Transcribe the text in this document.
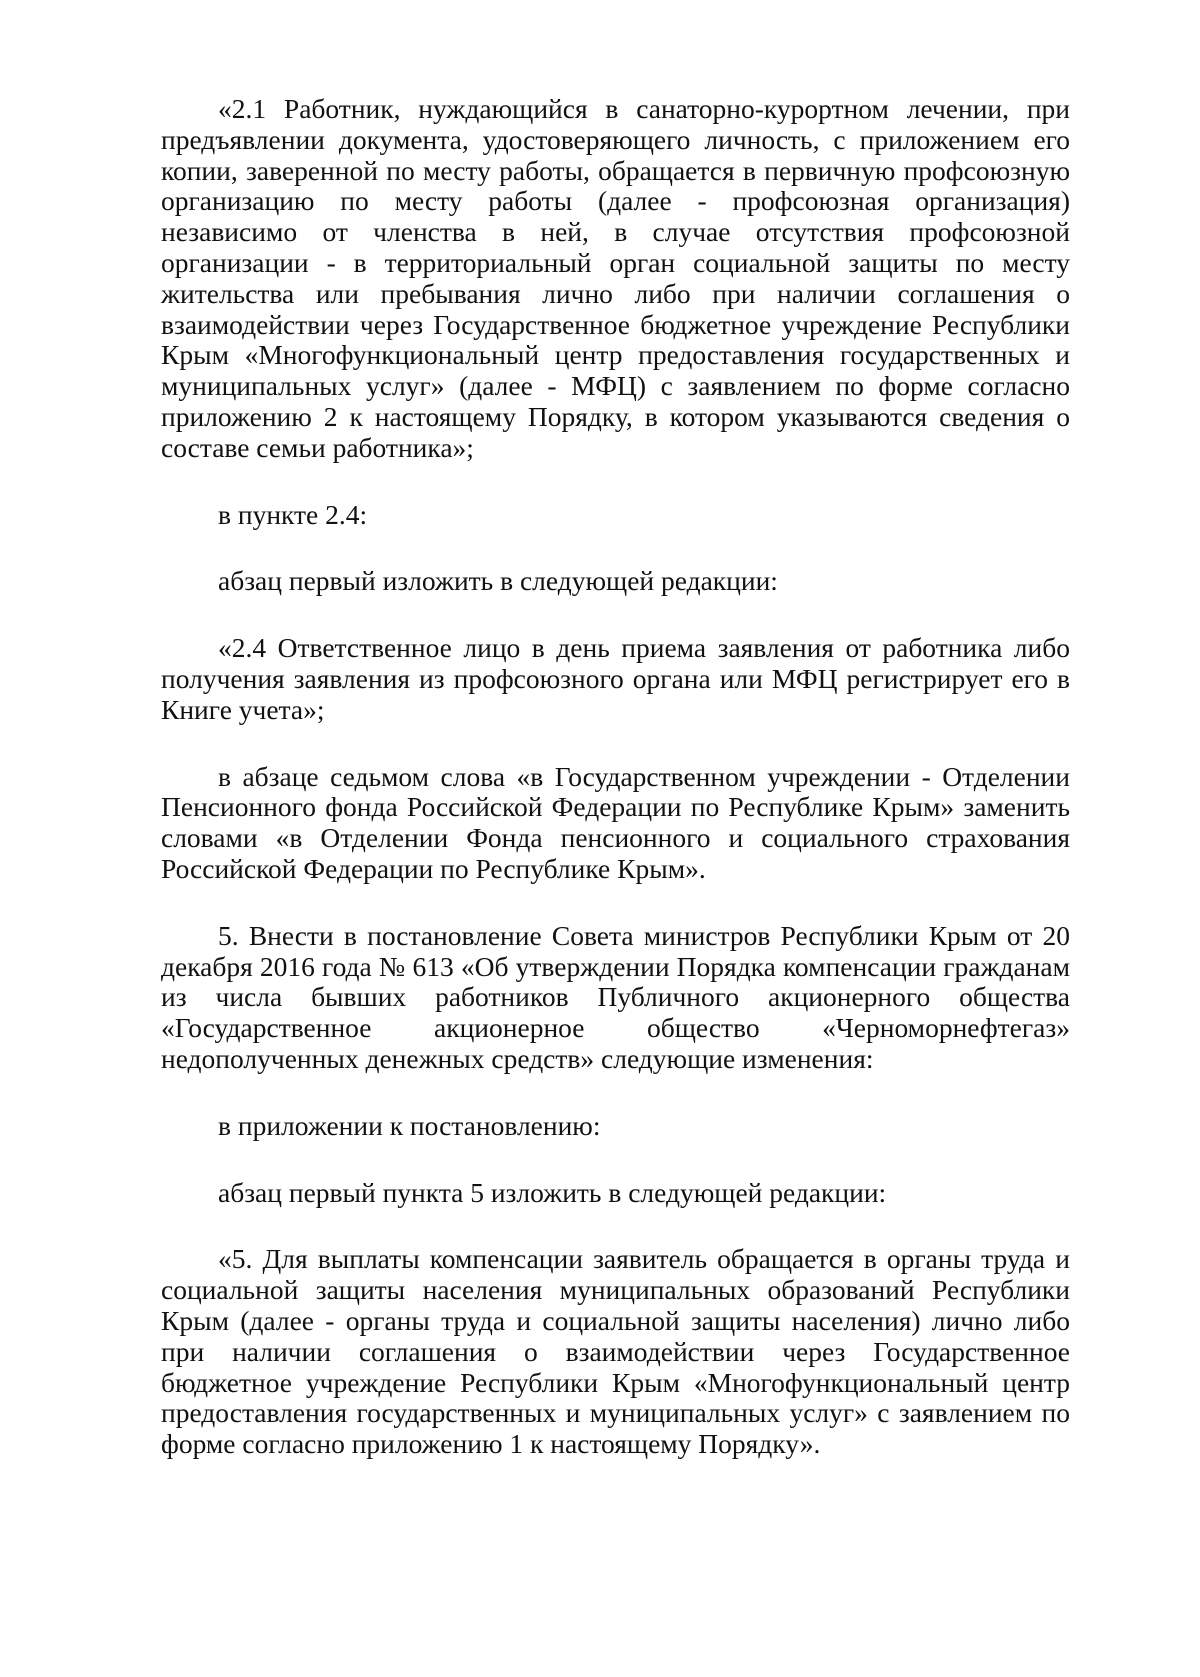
«2.1 Работник, нуждающийся в санаторно-курортном лечении, при предъявлении документа, удостоверяющего личность, с приложением его копии, заверенной по месту работы, обращается в первичную профсоюзную организацию по месту работы (далее - профсоюзная организация) независимо от членства в ней, в случае отсутствия профсоюзной организации - в территориальный орган социальной защиты по месту жительства или пребывания лично либо при наличии соглашения о взаимодействии через Государственное бюджетное учреждение Республики Крым «Многофункциональный центр предоставления государственных и муниципальных услуг» (далее - МФЦ) с заявлением по форме согласно приложению 2 к настоящему Порядку, в котором указываются сведения о составе семьи работника»;

в пункте 2.4:

абзац первый изложить в следующей редакции:

«2.4 Ответственное лицо в день приема заявления от работника либо получения заявления из профсоюзного органа или МФЦ регистрирует его в Книге учета»;

в абзаце седьмом слова «в Государственном учреждении - Отделении Пенсионного фонда Российской Федерации по Республике Крым» заменить словами «в Отделении Фонда пенсионного и социального страхования Российской Федерации по Республике Крым».

5. Внести в постановление Совета министров Республики Крым от 20 декабря 2016 года № 613 «Об утверждении Порядка компенсации гражданам из числа бывших работников Публичного акционерного общества «Государственное акционерное общество «Черноморнефтегаз» недополученных денежных средств» следующие изменения:

в приложении к постановлению:

абзац первый пункта 5 изложить в следующей редакции:

«5. Для выплаты компенсации заявитель обращается в органы труда и социальной защиты населения муниципальных образований Республики Крым (далее - органы труда и социальной защиты населения) лично либо при наличии соглашения о взаимодействии через Государственное бюджетное учреждение Республики Крым «Многофункциональный центр предоставления государственных и муниципальных услуг» с заявлением по форме согласно приложению 1 к настоящему Порядку».
